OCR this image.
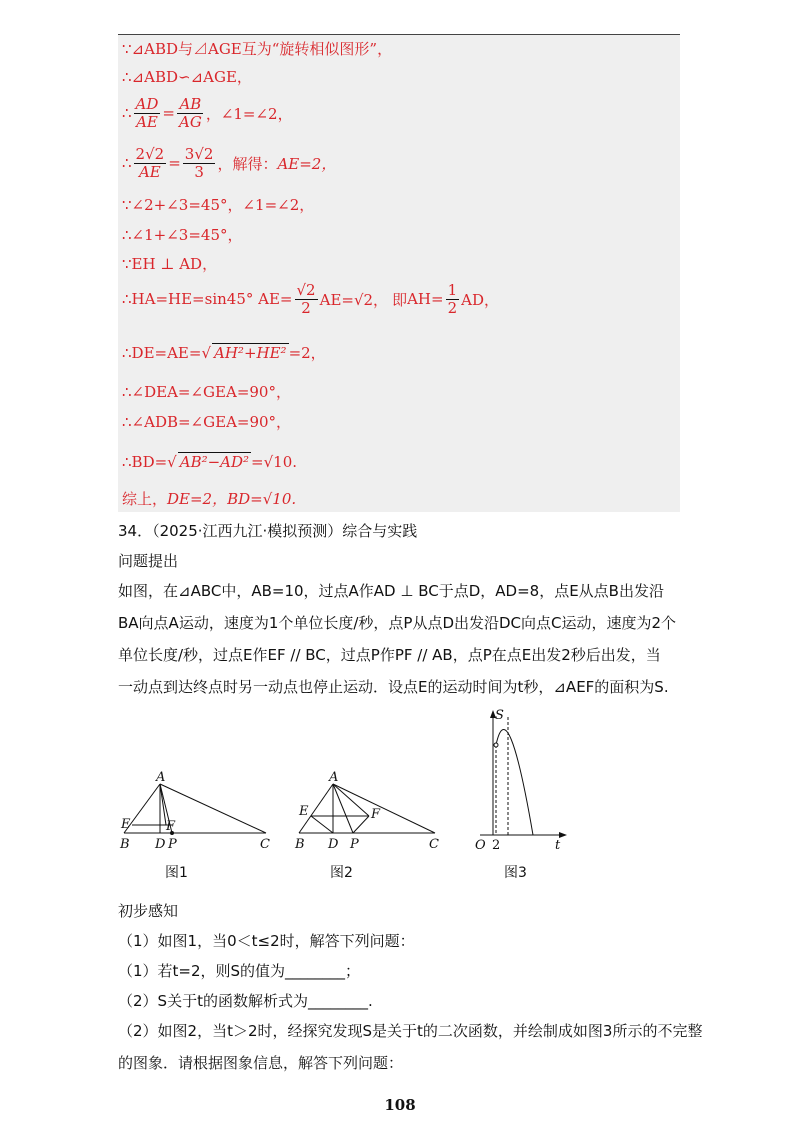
∵⊿ABD与⊿AGE互为“旋转相似图形”，
∴⊿ABD∽⊿AGE，
∴ $\frac{AD}{AE} = \frac{AB}{AG}$ ，∠1=∠2，
∴ $\frac{2√2}{AE} = \frac{3√2}{3}$ ，解得： AE=2，
∵∠2+∠3=45°，∠1=∠2，
∴∠1+∠3=45°，
∵EH ⊥ AD，
∴HA=HE=sin45° $AE= \frac{√2}{2} AE=√2$， 即 $AH= \frac{1}{2}$ AD，
∴DE=AE= √ AH²+HE² =2，
∴∠DEA=∠GEA=90°，
∴∠ADB=∠GEA=90°，
∴BD= √ AB²−AD² =√10.
综上， DE=2，BD=√10.
34．（2025·江西九江·模拟预测）综合与实践
问题提出
如图，在⊿ABC中，AB=10，过点A作AD ⊥ BC于点D，AD=8，点E从点B出发沿
BA向点A运动，速度为1个单位长度/秒，点P从点D出发沿DC向点C运动，速度为2个
单位长度/秒，过点E作EF // BC，过点P作PF // AB，点P在点E出发2秒后出发，当
一动点到达终点时另一动点也停止运动．设点E的运动时间为t秒，⊿AEF的面积为S.
A
E	F
B D P	C
图1
A
E	F
B D P	C
图2
S
O 2	t
图3
初步感知
（1）如图1，当0＜t≤2时，解答下列问题：
（1）若t=2，则S的值为________；
（2）S关于t的函数解析式为________.
（2）如图2，当t＞2时，经探究发现S是关于t的二次函数，并绘制成如图3所示的不完整
的图象．请根据图象信息，解答下列问题：
108
